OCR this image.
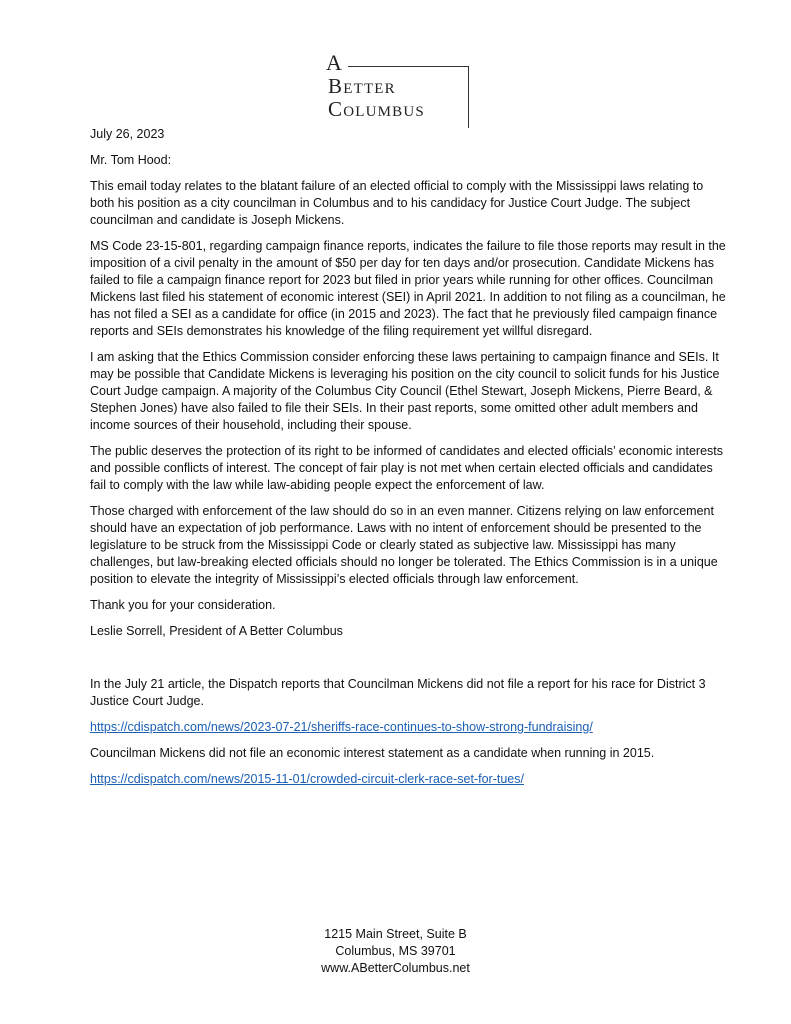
A
BETTER
COLUMBUS

July 26, 2023

Mr. Tom Hood:

This email today relates to the blatant failure of an elected official to comply with the Mississippi laws relating to both his position as a city councilman in Columbus and to his candidacy for Justice Court Judge. The subject councilman and candidate is Joseph Mickens.

MS Code 23-15-801, regarding campaign finance reports, indicates the failure to file those reports may result in the imposition of a civil penalty in the amount of $50 per day for ten days and/or prosecution. Candidate Mickens has failed to file a campaign finance report for 2023 but filed in prior years while running for other offices. Councilman Mickens last filed his statement of economic interest (SEI) in April 2021. In addition to not filing as a councilman, he has not filed a SEI as a candidate for office (in 2015 and 2023). The fact that he previously filed campaign finance reports and SEIs demonstrates his knowledge of the filing requirement yet willful disregard.

I am asking that the Ethics Commission consider enforcing these laws pertaining to campaign finance and SEIs. It may be possible that Candidate Mickens is leveraging his position on the city council to solicit funds for his Justice Court Judge campaign. A majority of the Columbus City Council (Ethel Stewart, Joseph Mickens, Pierre Beard, & Stephen Jones) have also failed to file their SEIs. In their past reports, some omitted other adult members and income sources of their household, including their spouse.

The public deserves the protection of its right to be informed of candidates and elected officials’ economic interests and possible conflicts of interest. The concept of fair play is not met when certain elected officials and candidates fail to comply with the law while law-abiding people expect the enforcement of law.

Those charged with enforcement of the law should do so in an even manner. Citizens relying on law enforcement should have an expectation of job performance. Laws with no intent of enforcement should be presented to the legislature to be struck from the Mississippi Code or clearly stated as subjective law. Mississippi has many challenges, but law-breaking elected officials should no longer be tolerated. The Ethics Commission is in a unique position to elevate the integrity of Mississippi’s elected officials through law enforcement.

Thank you for your consideration.

Leslie Sorrell, President of A Better Columbus

In the July 21 article, the Dispatch reports that Councilman Mickens did not file a report for his race for District 3 Justice Court Judge.

https://cdispatch.com/news/2023-07-21/sheriffs-race-continues-to-show-strong-fundraising/

Councilman Mickens did not file an economic interest statement as a candidate when running in 2015.

https://cdispatch.com/news/2015-11-01/crowded-circuit-clerk-race-set-for-tues/

1215 Main Street, Suite B
Columbus, MS 39701
www.ABetterColumbus.net
